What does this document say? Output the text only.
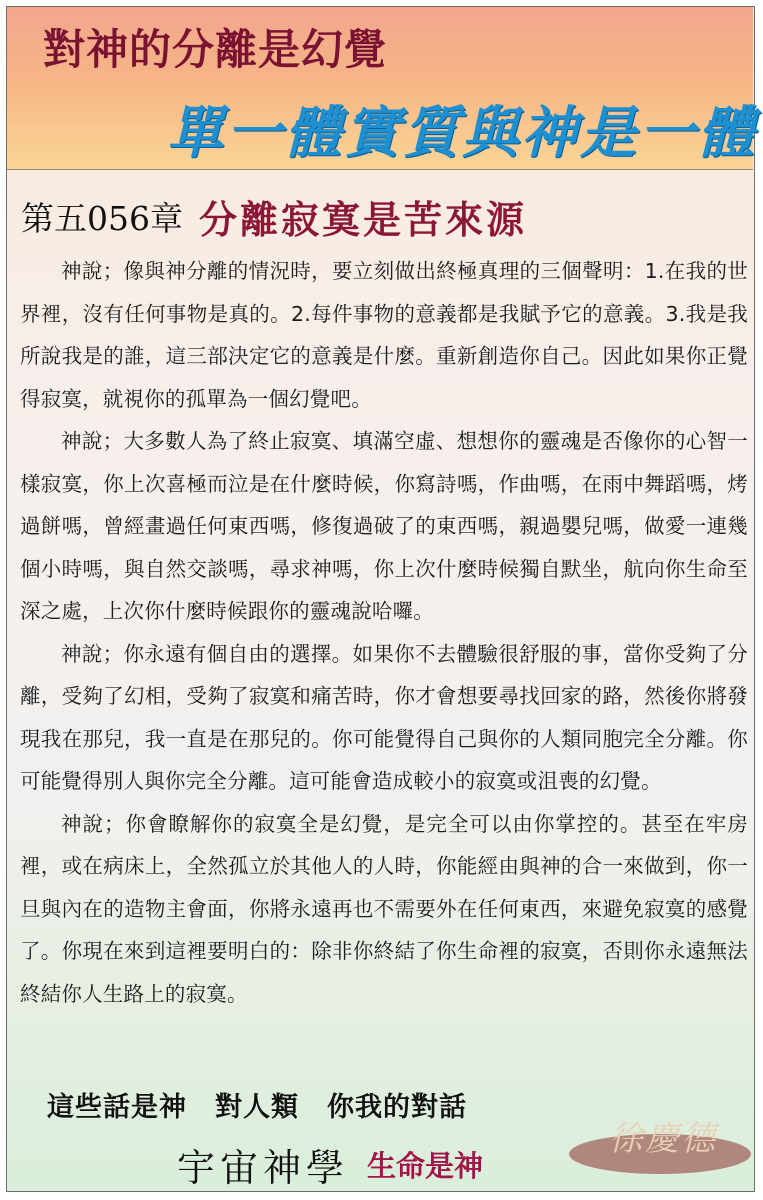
對神的分離是幻覺
單一體實質與神是一體
第五056章 分離寂寞是苦來源

神說；像與神分離的情況時，要立刻做出終極真理的三個聲明：1.在我的世界裡，沒有任何事物是真的。2.每件事物的意義都是我賦予它的意義。3.我是我所說我是的誰，這三部決定它的意義是什麼。重新創造你自己。因此如果你正覺得寂寞，就視你的孤單為一個幻覺吧。

神說；大多數人為了終止寂寞、填滿空虛、想想你的靈魂是否像你的心智一樣寂寞，你上次喜極而泣是在什麼時候，你寫詩嗎，作曲嗎，在雨中舞蹈嗎，烤過餅嗎，曾經畫過任何東西嗎，修復過破了的東西嗎，親過嬰兒嗎，做愛一連幾個小時嗎，與自然交談嗎，尋求神嗎，你上次什麼時候獨自默坐，航向你生命至深之處，上次你什麼時候跟你的靈魂說哈囉。

神說；你永遠有個自由的選擇。如果你不去體驗很舒服的事，當你受夠了分離，受夠了幻相，受夠了寂寞和痛苦時，你才會想要尋找回家的路，然後你將發現我在那兒，我一直是在那兒的。你可能覺得自己與你的人類同胞完全分離。你可能覺得別人與你完全分離。這可能會造成較小的寂寞或沮喪的幻覺。

神說；你會瞭解你的寂寞全是幻覺，是完全可以由你掌控的。甚至在牢房裡，或在病床上，全然孤立於其他人的人時，你能經由與神的合一來做到，你一旦與內在的造物主會面，你將永遠再也不需要外在任何東西，來避免寂寞的感覺了。你現在來到這裡要明白的：除非你終結了你生命裡的寂寞，否則你永遠無法終結你人生路上的寂寞。

這些話是神 對人類 你我的對話
宇宙神學 生命是神
徐慶德
